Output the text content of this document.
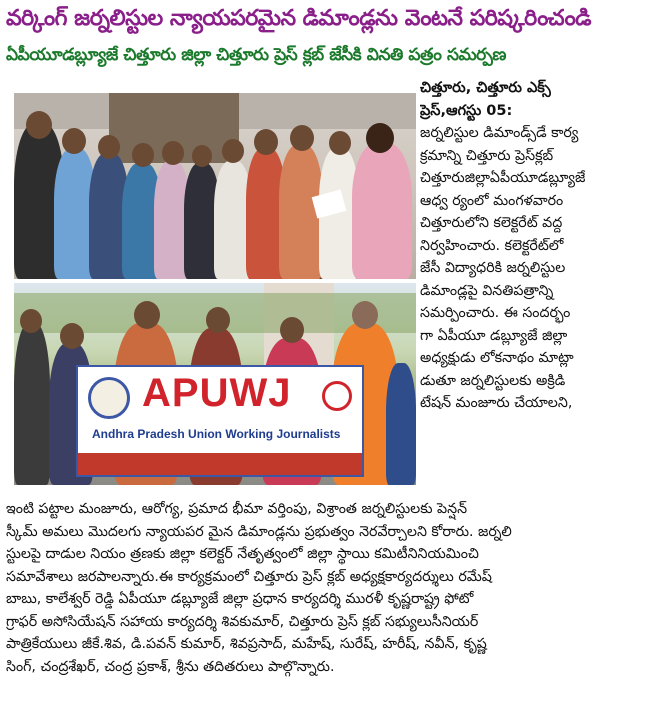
వర్కింగ్ జర్నలిస్టుల న్యాయపరమైన డిమాండ్లను వెంటనే పరిష్కరించండి
ఏపీయూడబ్ల్యూజే చిత్తూరు జిల్లా చిత్తూరు ప్రెస్ క్లబ్ జేసీకి వినతి పత్రం సమర్పణ
APUWJ
Andhra Pradesh Union Working Journalists
చిత్తూరు, చిత్తూరు ఎక్స్
ప్రెస్,ఆగస్టు 05:
జర్నలిస్టుల డిమాండ్స్‌డే కార్య
క్రమాన్ని చిత్తూరు ప్రెస్‌క్లబ్
చిత్తూరుజిల్లాఏపీయూడబ్ల్యూజే
ఆధ్వ ర్యంలో మంగళవారం
చిత్తూరులోని కలెక్టరేట్ వద్ద
నిర్వహించారు. కలెక్టరేట్‌లో
జేసీ విద్యాధరికి జర్నలిస్టుల
డిమాండ్లపై వినతిపత్రాన్ని
సమర్పించారు. ఈ సందర్భం
గా ఏపీయూ డబ్ల్యూజే జిల్లా
అధ్యక్షుడు లోకనాథం మాట్లా
డుతూ జర్నలిస్టులకు అక్రిడి
టేషన్ మంజూరు చేయాలని,
ఇంటి పట్టాల మంజూరు, ఆరోగ్య, ప్రమాద భీమా వర్తింపు, విశ్రాంత జర్నలిస్టులకు పెన్షన్
స్కీమ్ అమలు మొదలగు న్యాయపర మైన డిమాండ్లను ప్రభుత్వం నెరవేర్చాలని కోరారు. జర్నలి
స్టులపై దాడుల నియం త్రణకు జిల్లా కలెక్టర్ నేతృత్వంలో జిల్లా స్థాయి కమిటీనినియమించి
సమావేశాలు జరపాలన్నారు.ఈ కార్యక్రమంలో చిత్తూరు ప్రెస్ క్లబ్ అధ్యక్షకార్యదర్శులు రమేష్
బాబు, కాలేశ్వర్ రెడ్డి ఏపీయూ డబ్ల్యూజే జిల్లా ప్రధాన కార్యదర్శి మురళీ కృష్ణరాష్ట్ర ఫోటో
గ్రాఫర్ అసోసియేషన్ సహాయ కార్యదర్శి శివకుమార్, చిత్తూరు ప్రెస్ క్లబ్ సభ్యులుసీనియర్
పాత్రికేయులు జీకే.శివ, డి.పవన్ కుమార్, శివప్రసాద్, మహేష్, సురేష్, హరీష్, నవీన్, కృష్ణ
సింగ్, చంద్రశేఖర్, చంద్ర ప్రకాశ్, శ్రీను తదితరులు పాల్గొన్నారు.
